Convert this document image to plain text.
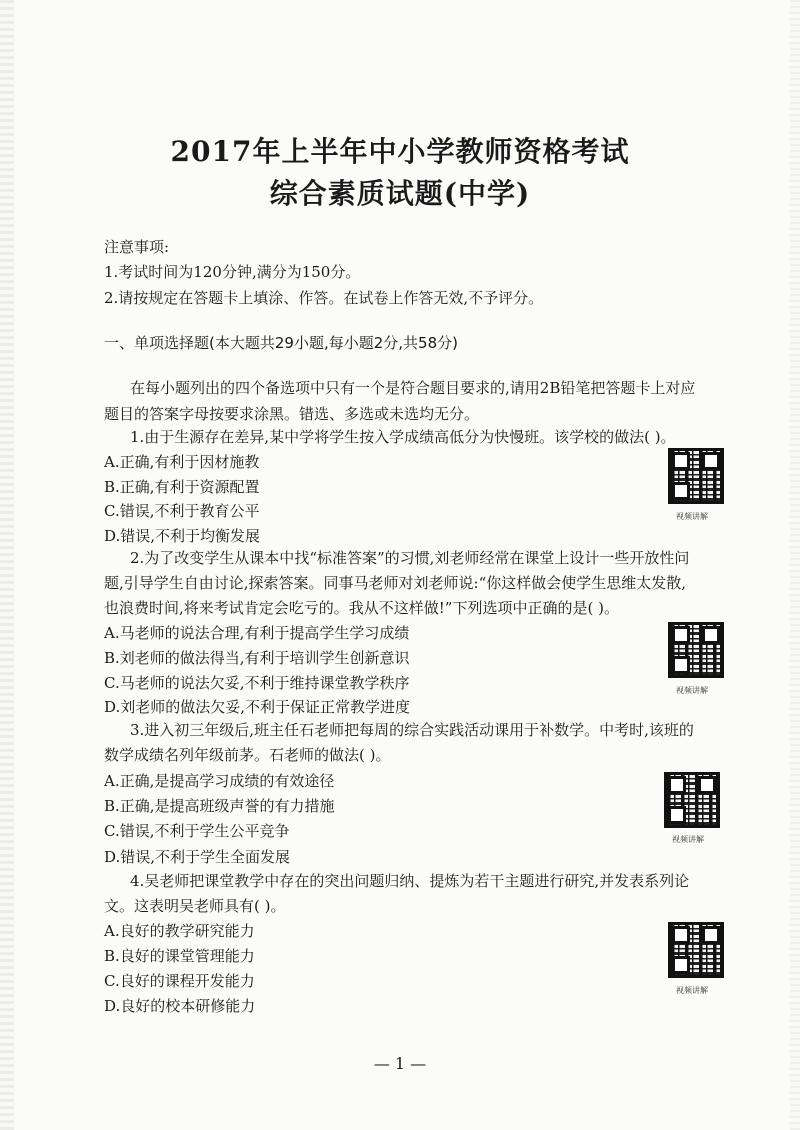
2017年上半年中小学教师资格考试
综合素质试题(中学)
注意事项:
1.考试时间为120分钟,满分为150分。
2.请按规定在答题卡上填涂、作答。在试卷上作答无效,不予评分。
一、单项选择题(本大题共29小题,每小题2分,共58分)
在每小题列出的四个备选项中只有一个是符合题目要求的,请用2B铅笔把答题卡上对应
题目的答案字母按要求涂黑。错选、多选或未选均无分。
1.由于生源存在差异,某中学将学生按入学成绩高低分为快慢班。该学校的做法( )。
A.正确,有利于因材施教
B.正确,有利于资源配置
C.错误,不利于教育公平
D.错误,不利于均衡发展
视频讲解
2.为了改变学生从课本中找“标准答案”的习惯,刘老师经常在课堂上设计一些开放性问
题,引导学生自由讨论,探索答案。同事马老师对刘老师说:“你这样做会使学生思维太发散,
也浪费时间,将来考试肯定会吃亏的。我从不这样做!”下列选项中正确的是( )。
A.马老师的说法合理,有利于提高学生学习成绩
B.刘老师的做法得当,有利于培训学生创新意识
C.马老师的说法欠妥,不利于维持课堂教学秩序
D.刘老师的做法欠妥,不利于保证正常教学进度
视频讲解
3.进入初三年级后,班主任石老师把每周的综合实践活动课用于补数学。中考时,该班的
数学成绩名列年级前茅。石老师的做法( )。
A.正确,是提高学习成绩的有效途径
B.正确,是提高班级声誉的有力措施
C.错误,不利于学生公平竞争
D.错误,不利于学生全面发展
视频讲解
4.吴老师把课堂教学中存在的突出问题归纳、提炼为若干主题进行研究,并发表系列论
文。这表明吴老师具有( )。
A.良好的教学研究能力
B.良好的课堂管理能力
C.良好的课程开发能力
D.良好的校本研修能力
视频讲解
— 1 —
